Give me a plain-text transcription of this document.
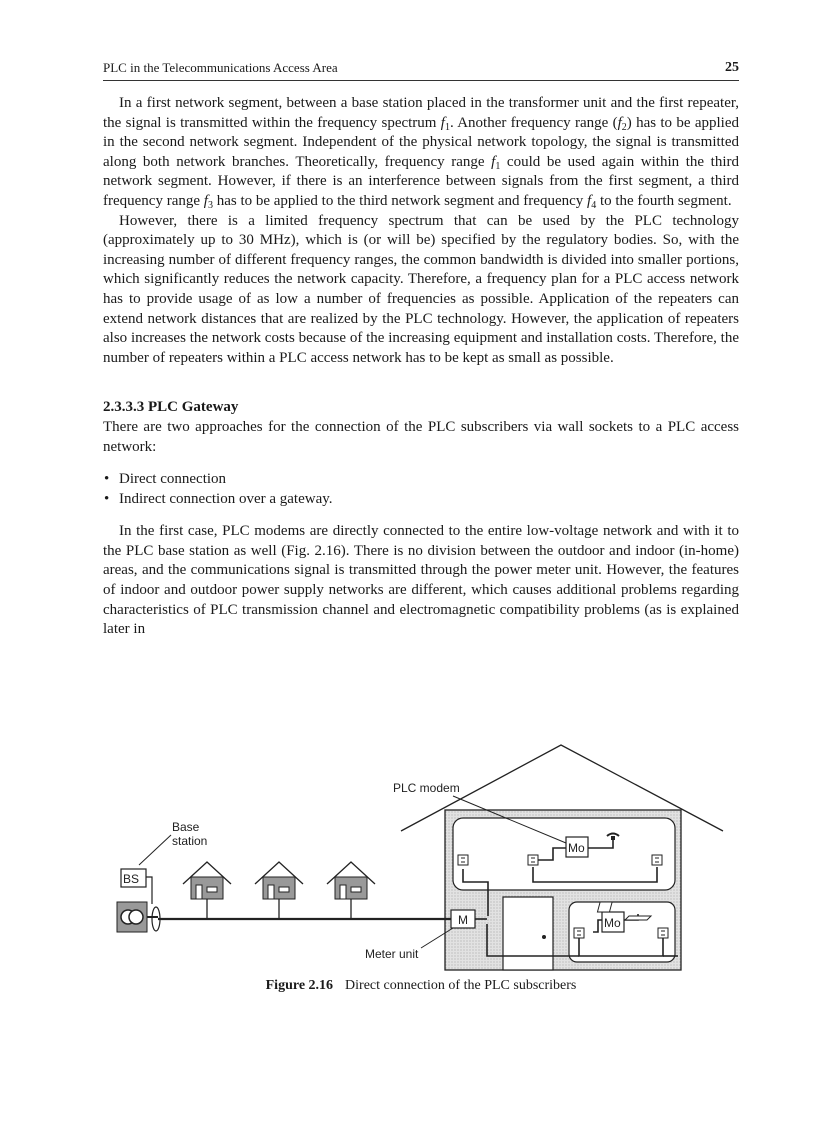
PLC in the Telecommunications Access Area	25

In a first network segment, between a base station placed in the transformer unit and the first repeater, the signal is transmitted within the frequency spectrum $f_1$. Another frequency range $(f_2)$ has to be applied in the second network segment. Independent of the physical network topology, the signal is transmitted along both network branches. Theoretically, frequency range $f_1$ could be used again within the third network segment. However, if there is an interference between signals from the first segment, a third frequency range $f_3$ has to be applied to the third network segment and frequency $f_4$ to the fourth segment.

However, there is a limited frequency spectrum that can be used by the PLC technology (approximately up to 30 MHz), which is (or will be) specified by the regulatory bodies. So, with the increasing number of different frequency ranges, the common bandwidth is divided into smaller portions, which significantly reduces the network capacity. Therefore, a frequency plan for a PLC access network has to provide usage of as low a number of frequencies as possible. Application of the repeaters can extend network distances that are realized by the PLC technology. However, the application of repeaters also increases the network costs because of the increasing equipment and installation costs. Therefore, the number of repeaters within a PLC access network has to be kept as small as possible.

2.3.3.3 PLC Gateway

There are two approaches for the connection of the PLC subscribers via wall sockets to a PLC access network:

• Direct connection
• Indirect connection over a gateway.

In the first case, PLC modems are directly connected to the entire low-voltage network and with it to the PLC base station as well (Fig. 2.16). There is no division between the outdoor and indoor (in-home) areas, and the communications signal is transmitted through the power meter unit. However, the features of indoor and outdoor power supply networks are different, which causes additional problems regarding characteristics of PLC transmission channel and electromagnetic compatibility problems (as is explained later in

Mo
Mo
M
BS
Base
station
PLC modem
Meter unit
Figure 2.16 Direct connection of the PLC subscribers
